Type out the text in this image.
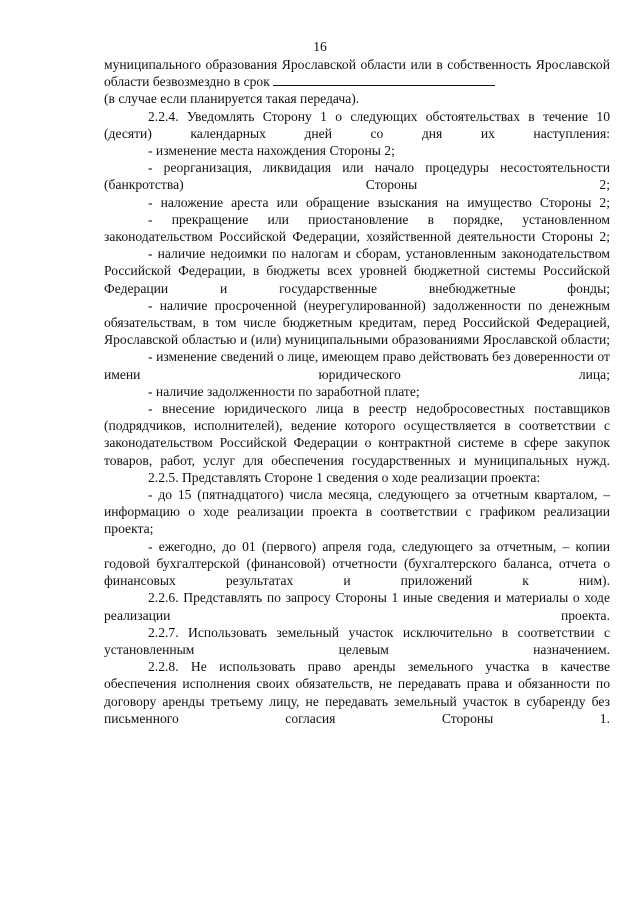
16

муниципального образования Ярославской области или в собственность Ярославской области безвозмездно в срок

(в случае если планируется такая передача).

2.2.4. Уведомлять Сторону 1 о следующих обстоятельствах в течение 10 (десяти) календарных дней со дня их наступления:

- изменение места нахождения Стороны 2;

- реорганизация, ликвидация или начало процедуры несостоятельности (банкротства) Стороны 2;

- наложение ареста или обращение взыскания на имущество Стороны 2;

- прекращение или приостановление в порядке, установленном законодательством Российской Федерации, хозяйственной деятельности Стороны 2;

- наличие недоимки по налогам и сборам, установленным законодательством Российской Федерации, в бюджеты всех уровней бюджетной системы Российской Федерации и государственные внебюджетные фонды;

- наличие просроченной (неурегулированной) задолженности по денежным обязательствам, в том числе бюджетным кредитам, перед Российской Федерацией, Ярославской областью и (или) муниципальными образованиями Ярославской области;

- изменение сведений о лице, имеющем право действовать без доверенности от имени юридического лица;

- наличие задолженности по заработной плате;

- внесение юридического лица в реестр недобросовестных поставщиков (подрядчиков, исполнителей), ведение которого осуществляется в соответствии с законодательством Российской Федерации о контрактной системе в сфере закупок товаров, работ, услуг для обеспечения государственных и муниципальных нужд.

2.2.5. Представлять Стороне 1 сведения о ходе реализации проекта:

- до 15 (пятнадцатого) числа месяца, следующего за отчетным кварталом, – информацию о ходе реализации проекта в соответствии с графиком реализации проекта;

- ежегодно, до 01 (первого) апреля года, следующего за отчетным, – копии годовой бухгалтерской (финансовой) отчетности (бухгалтерского баланса, отчета о финансовых результатах и приложений к ним).

2.2.6. Представлять по запросу Стороны 1 иные сведения и материалы о ходе реализации проекта.

2.2.7. Использовать земельный участок исключительно в соответствии с установленным целевым назначением.

2.2.8. Не использовать право аренды земельного участка в качестве обеспечения исполнения своих обязательств, не передавать права и обязанности по договору аренды третьему лицу, не передавать земельный участок в субаренду без письменного согласия Стороны 1.
